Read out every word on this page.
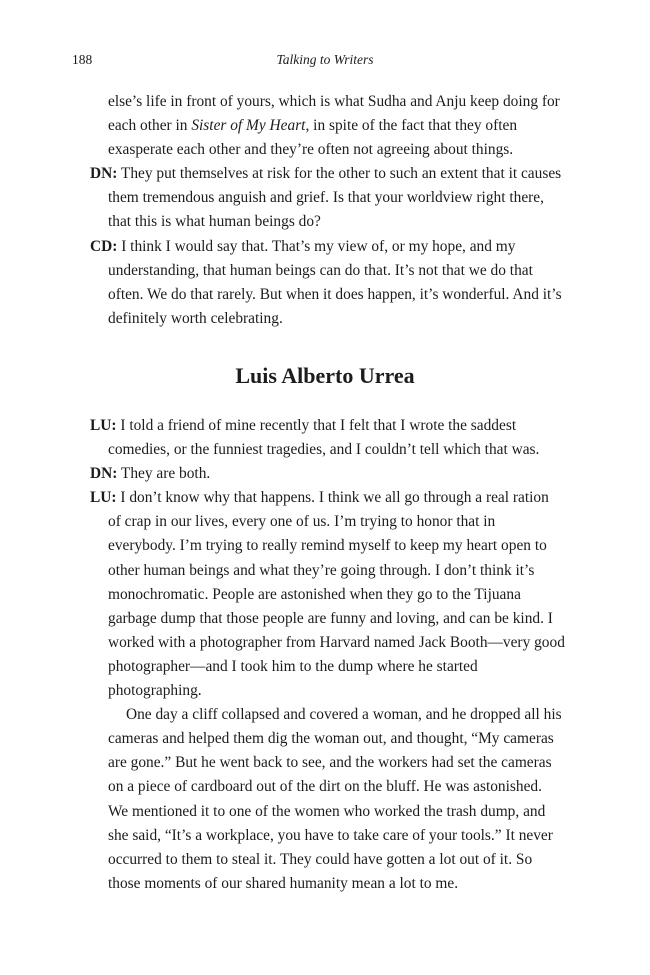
188	Talking to Writers

else’s life in front of yours, which is what Sudha and Anju keep doing for each other in Sister of My Heart, in spite of the fact that they often exasperate each other and they’re often not agreeing about things.

DN: They put themselves at risk for the other to such an extent that it causes them tremendous anguish and grief. Is that your worldview right there, that this is what human beings do?

CD: I think I would say that. That’s my view of, or my hope, and my understanding, that human beings can do that. It’s not that we do that often. We do that rarely. But when it does happen, it’s wonderful. And it’s definitely worth celebrating.

Luis Alberto Urrea

LU: I told a friend of mine recently that I felt that I wrote the saddest comedies, or the funniest tragedies, and I couldn’t tell which that was.

DN: They are both.

LU: I don’t know why that happens. I think we all go through a real ration of crap in our lives, every one of us. I’m trying to honor that in everybody. I’m trying to really remind myself to keep my heart open to other human beings and what they’re going through. I don’t think it’s monochromatic. People are astonished when they go to the Tijuana garbage dump that those people are funny and loving, and can be kind. I worked with a photographer from Harvard named Jack Booth—very good photographer—and I took him to the dump where he started photographing.

One day a cliff collapsed and covered a woman, and he dropped all his cameras and helped them dig the woman out, and thought, “My cameras are gone.” But he went back to see, and the workers had set the cameras on a piece of cardboard out of the dirt on the bluff. He was astonished. We mentioned it to one of the women who worked the trash dump, and she said, “It’s a workplace, you have to take care of your tools.” It never occurred to them to steal it. They could have gotten a lot out of it. So those moments of our shared humanity mean a lot to me.
